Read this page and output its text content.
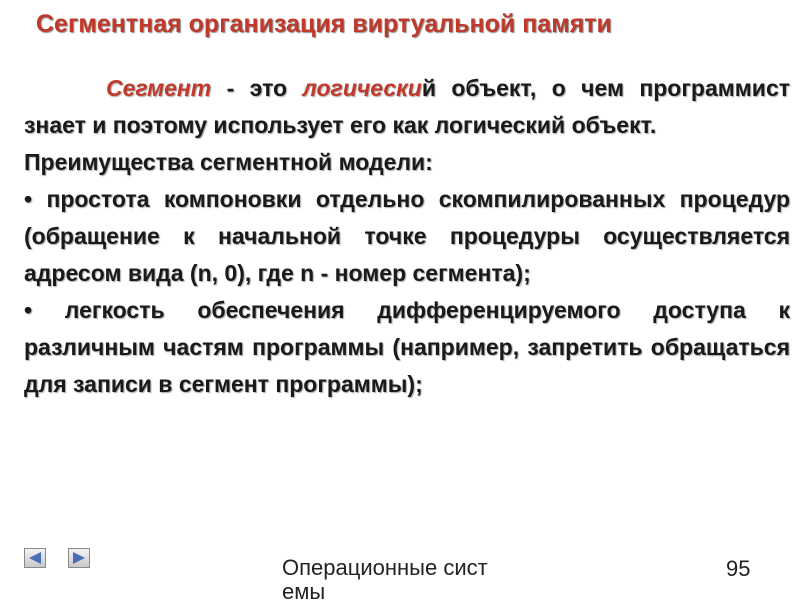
Сегментная организация виртуальной памяти

Сегмент - это логический объект, о чем программист знает и поэтому использует его как логический объект.

Преимущества сегментной модели:

• простота компоновки отдельно скомпилированных процедур (обращение к начальной точке процедуры осуществляется адресом вида (n, 0), где n - номер сегмента);

• легкость обеспечения дифференцируемого доступа к различным частям программы (например, запретить обращаться для записи в сегмент программы);

Операционные сист
емы
95
